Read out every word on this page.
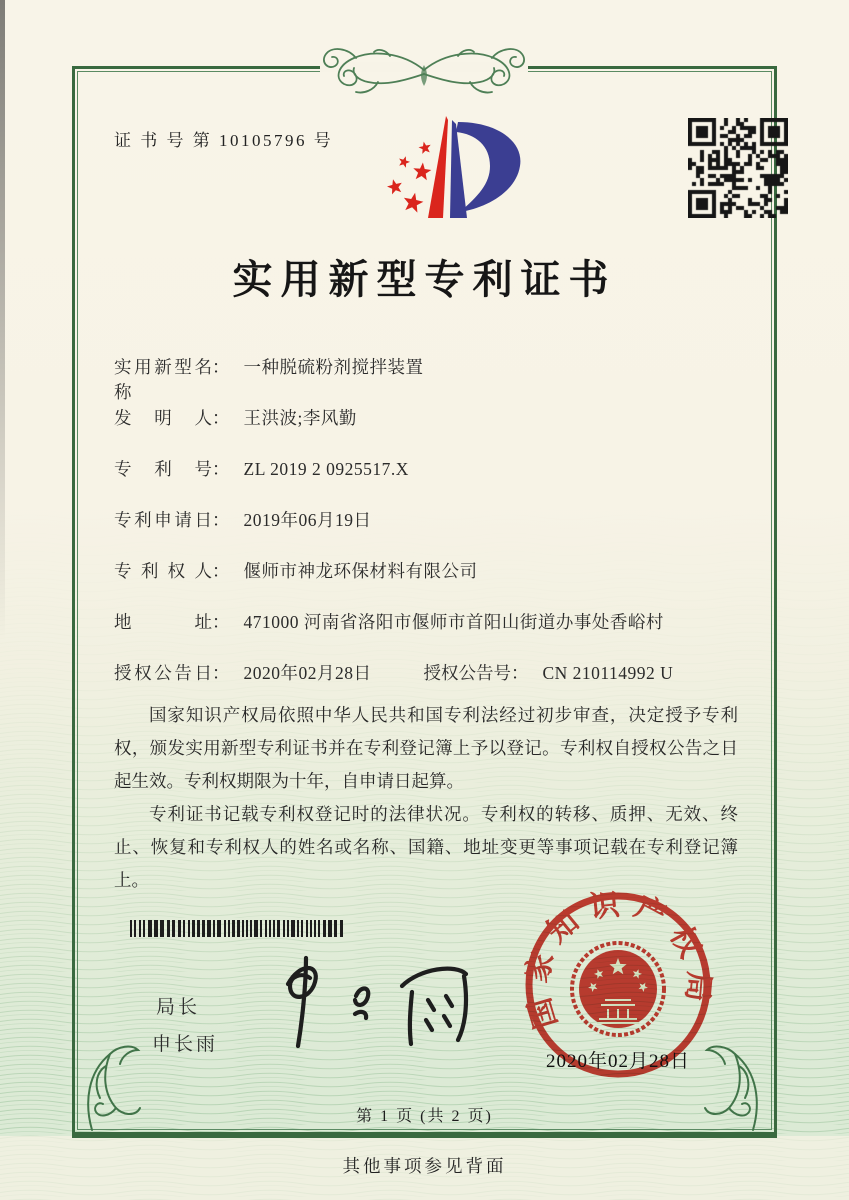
证 书 号 第 10105796 号
实用新型专利证书
实用新型名称
： 一种脱硫粉剂搅拌装置
发明人 ： 王洪波;李风勤
专利号 ： ZL 2019 2 0925517.X
专利申请日 ： 2019年06月19日
专利权人 ： 偃师市神龙环保材料有限公司
地址 ： 471000 河南省洛阳市偃师市首阳山街道办事处香峪村
授权公告日 ： 2020年02月28日	授权公告号 ： CN 210114992 U

国家知识产权局依照中华人民共和国专利法经过初步审查，决定授予专利权，颁发实用新型专利证书并在专利登记簿上予以登记。专利权自授权公告之日起生效。专利权期限为十年，自申请日起算。

专利证书记载专利权登记时的法律状况。专利权的转移、质押、无效、终止、恢复和专利权人的姓名或名称、国籍、地址变更等事项记载在专利登记簿上。

局长
申长雨
国家知识产权局
2020年02月28日
第 1 页 (共 2 页)
其他事项参见背面
